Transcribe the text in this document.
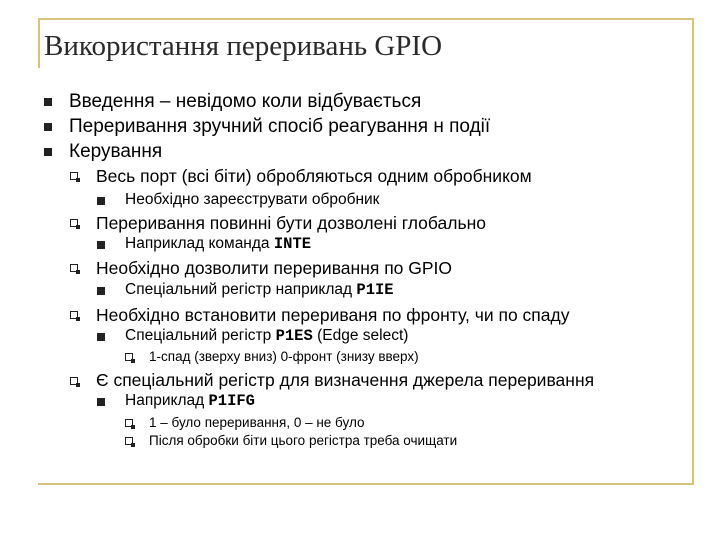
Використання переривань GPIO
Введення – невідомо коли відбувається
Переривання зручний спосіб реагування н події
Керування
Весь порт (всі біти) обробляються одним обробником
Необхідно зареєструвати обробник
Переривання повинні бути дозволені глобально
Наприклад команда INTE
Необхідно дозволити переривання по GPIO
Спеціальний регістр наприклад P1IE
Необхідно встановити перериваня по фронту, чи по спаду
Спеціальний регістр P1ES (Edge select)
1-спад (зверху вниз) 0-фронт (знизу вверх)
Є спеціальний регістр для визначення джерела переривання
Наприклад P1IFG
1 – було переривання, 0 – не було
Після обробки біти цього регістра треба очищати
